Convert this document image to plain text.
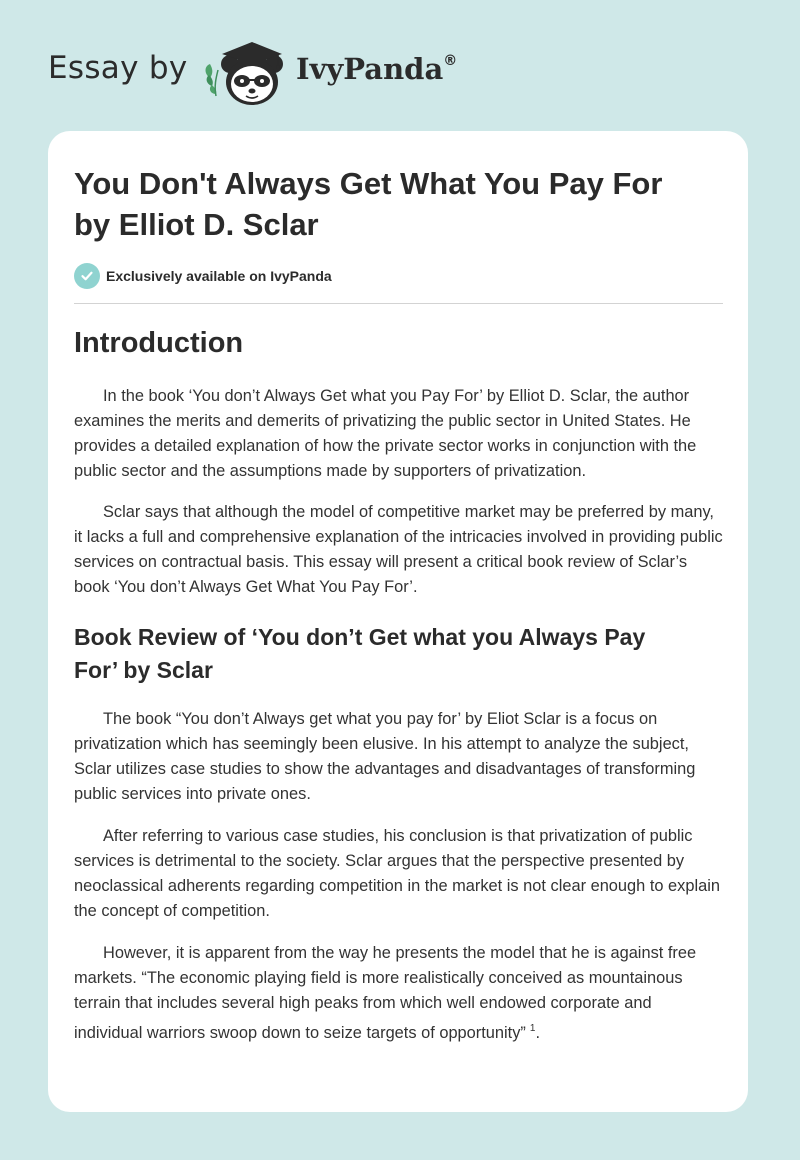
Essay by	IvyPanda®
You Don't Always Get What You Pay For
by Elliot D. Sclar
Exclusively available on IvyPanda
Introduction

In the book ‘You don’t Always Get what you Pay For’ by Elliot D. Sclar, the author examines the merits and demerits of privatizing the public sector in United States. He provides a detailed explanation of how the private sector works in conjunction with the public sector and the assumptions made by supporters of privatization.

Sclar says that although the model of competitive market may be preferred by many, it lacks a full and comprehensive explanation of the intricacies involved in providing public services on contractual basis. This essay will present a critical book review of Sclar’s book ‘You don’t Always Get What You Pay For’.

Book Review of ‘You don’t Get what you Always Pay
For’ by Sclar

The book “You don’t Always get what you pay for’ by Eliot Sclar is a focus on privatization which has seemingly been elusive. In his attempt to analyze the subject, Sclar utilizes case studies to show the advantages and disadvantages of transforming public services into private ones.

After referring to various case studies, his conclusion is that privatization of public services is detrimental to the society. Sclar argues that the perspective presented by neoclassical adherents regarding competition in the market is not clear enough to explain the concept of competition.

However, it is apparent from the way he presents the model that he is against free markets. “The economic playing field is more realistically conceived as mountainous terrain that includes several high peaks from which well endowed corporate and individual warriors swoop down to seize targets of opportunity” $^1$.
